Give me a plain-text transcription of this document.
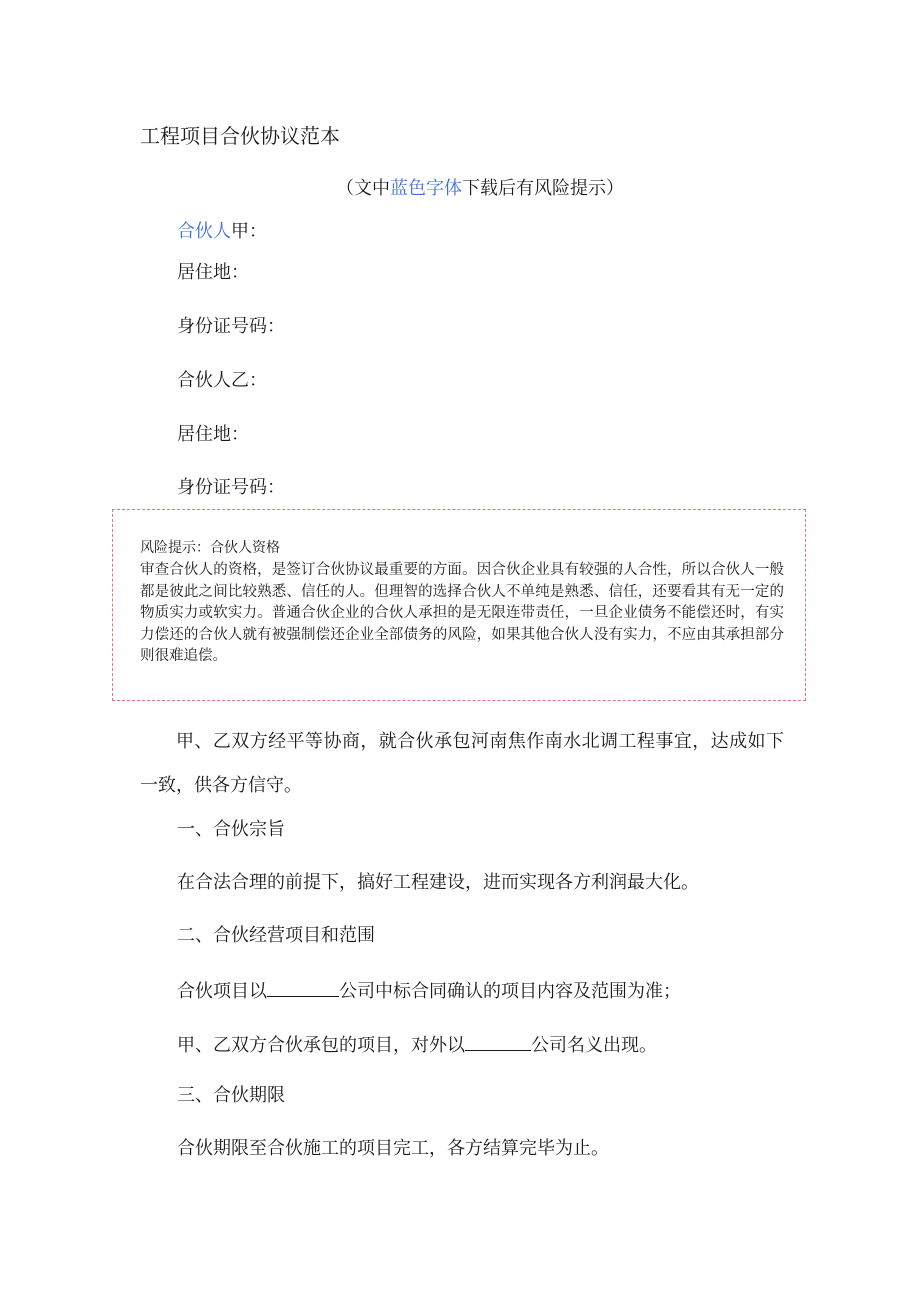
工程项目合伙协议范本
（文中蓝色字体下载后有风险提示）
合伙人甲：
居住地：
身份证号码：
合伙人乙：
居住地：
身份证号码：
风险提示：合伙人资格
审查合伙人的资格，是签订合伙协议最重要的方面。因合伙企业具有较强的人合性，所以合伙人一般都是彼此之间比较熟悉、信任的人。但理智的选择合伙人不单纯是熟悉、信任，还要看其有无一定的物质实力或软实力。普通合伙企业的合伙人承担的是无限连带责任，一旦企业债务不能偿还时，有实力偿还的合伙人就有被强制偿还企业全部债务的风险，如果其他合伙人没有实力，不应由其承担部分则很难追偿。
甲、乙双方经平等协商，就合伙承包河南焦作南水北调工程事宜，达成如下一致，供各方信守。
一、合伙宗旨
在合法合理的前提下，搞好工程建设，进而实现各方利润最大化。
二、合伙经营项目和范围
合伙项目以	公司中标合同确认的项目内容及范围为准；
甲、乙双方合伙承包的项目，对外以	公司名义出现。
三、合伙期限
合伙期限至合伙施工的项目完工，各方结算完毕为止。
